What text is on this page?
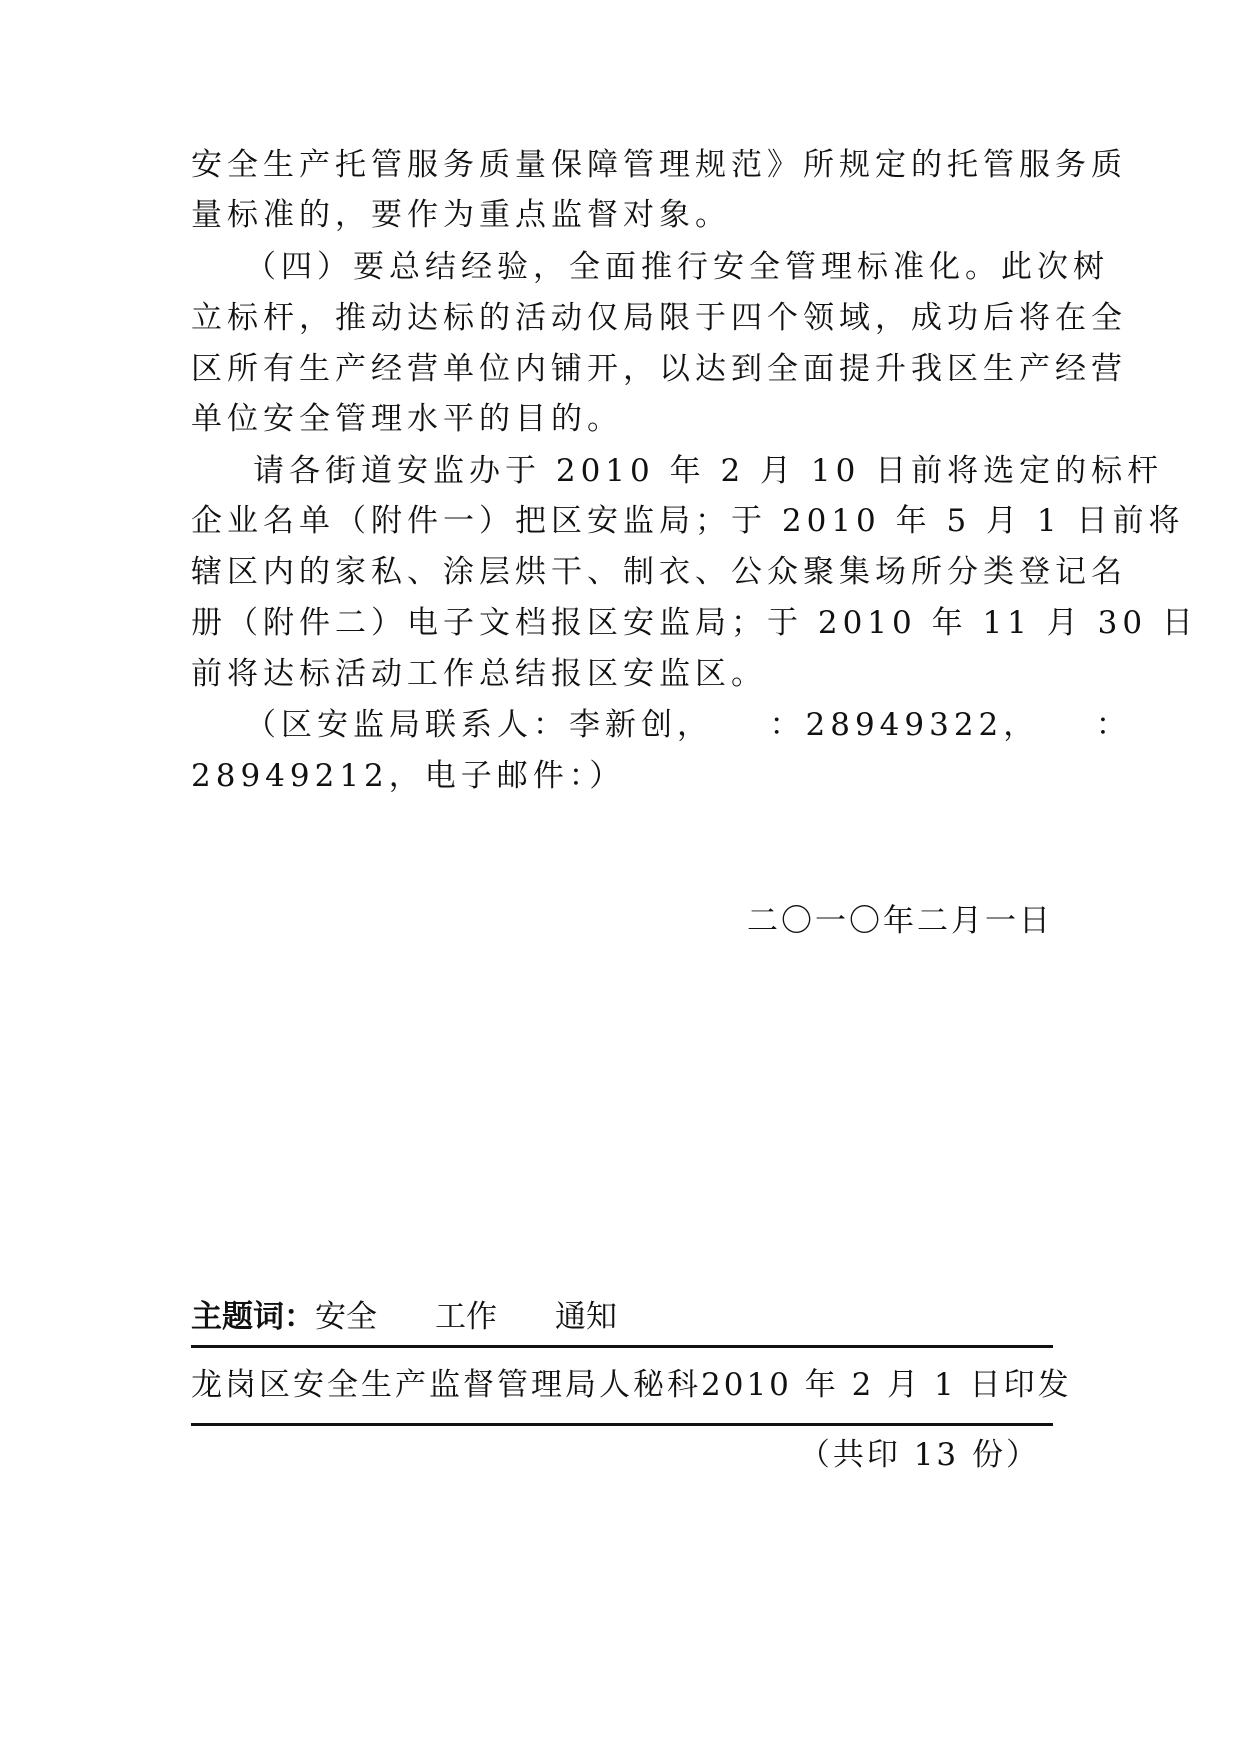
安全生产托管服务质量保障管理规范》所规定的托管服务质
量标准的，要作为重点监督对象。
（四）要总结经验，全面推行安全管理标准化。此次树
立标杆，推动达标的活动仅局限于四个领域，成功后将在全
区所有生产经营单位内铺开，以达到全面提升我区生产经营
单位安全管理水平的目的。
请各街道安监办于 2010 年 2 月 10 日前将选定的标杆
企业名单（附件一）把区安监局；于 2010 年 5 月 1 日前将
辖区内的家私、涂层烘干、制衣、公众聚集场所分类登记名
册（附件二）电子文档报区安监局；于 2010 年 11 月 30 日
前将达标活动工作总结报区安监区。
（区安监局联系人：李新创，　　：28949322，　　：
28949212，电子邮件：）
二〇一〇年二月一日
主题词：安全 工作 通知
龙岗区安全生产监督管理局人秘科 2010 年 2 月 1 日印发
（共印 13 份）
